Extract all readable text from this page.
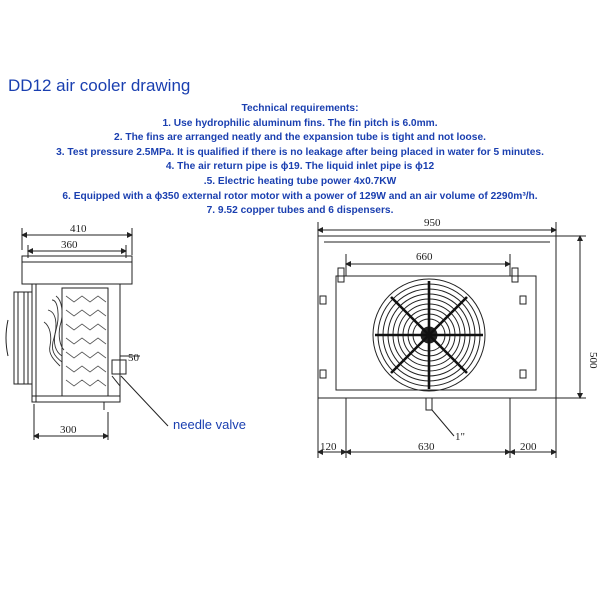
DD12 air cooler drawing
Technical requirements:
1. Use hydrophilic aluminum fins. The fin pitch is 6.0mm.
2. The fins are arranged neatly and the expansion tube is tight and not loose.
3. Test pressure 2.5MPa. It is qualified if there is no leakage after being placed in water for 5 minutes.
4. The air return pipe is ϕ19. The liquid inlet pipe is ϕ12
.5. Electric heating tube power 4x0.7KW
6. Equipped with a ϕ350 external rotor motor with a power of 129W and an air volume of 2290m³/h.
7. 9.52 copper tubes and 6 dispensers.
410
360
50
300
950
660
500
1"
120	630	200
needle valve
